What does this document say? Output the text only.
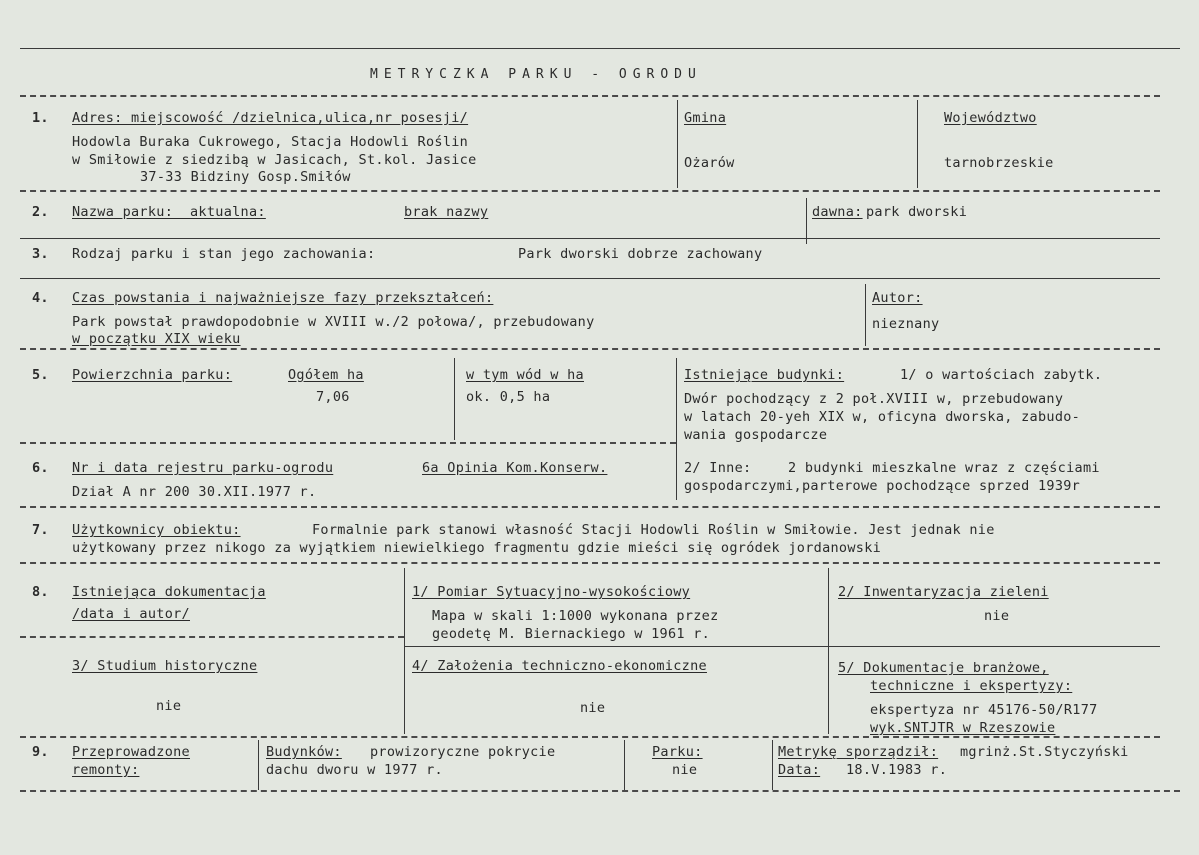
METRYCZKA PARKU - OGRODU
1. Adres: miejscowość /dzielnica,ulica,nr posesji/
Hodowla Buraka Cukrowego, Stacja Hodowli Roślin
w Smiłowie z siedzibą w Jasicach, St.kol. Jasice
37-33 Bidziny Gosp.Smiłów
Gmina
Ożarów
Województwo
tarnobrzeskie
2. Nazwa parku:  aktualna:	brak nazwy	dawna: park dworski
3. Rodzaj parku i stan jego zachowania:	Park dworski dobrze zachowany
4. Czas powstania i najważniejsze fazy przekształceń:
Park powstał prawdopodobnie w XVIII w./2 połowa/, przebudowany
w początku XIX wieku
Autor:
nieznany
5. Powierzchnia parku:	Ogółem ha
7,06
w tym wód w ha
ok. 0,5 ha
Istniejące budynki:	1/ o wartościach zabytk.
Dwór pochodzący z 2 poł.XVIII w, przebudowany
w latach 20-yeh XIX w, oficyna dworska, zabudo-
wania gospodarcze
6. Nr i data rejestru parku-ogrodu	6a Opinia Kom.Konserw.
Dział A nr 200 30.XII.1977 r.
2/ Inne:	2 budynki mieszkalne wraz z częściami
gospodarczymi,parterowe pochodzące sprzed 1939r
7. Użytkownicy obiektu:	Formalnie park stanowi własność Stacji Hodowli Roślin w Smiłowie. Jest jednak nie
użytkowany przez nikogo za wyjątkiem niewielkiego fragmentu gdzie mieści się ogródek jordanowski
8. Istniejąca dokumentacja
/data i autor/
1/ Pomiar Sytuacyjno-wysokościowy
Mapa w skali 1:1000 wykonana przez
geodetę M. Biernackiego w 1961 r.
2/ Inwentaryzacja zieleni
nie
3/ Studium historyczne
nie
4/ Założenia techniczno-ekonomiczne
nie
5/ Dokumentacje branżowe,
techniczne i ekspertyzy:
ekspertyza nr 45176-50/R177
wyk.SNTJTR w Rzeszowie
9. Przeprowadzone
remonty:
Budynków: prowizoryczne pokrycie
dachu dworu w 1977 r.
Parku:
nie
Metrykę sporządził: mgrinż.St.Styczyński
Data: 18.V.1983 r.
